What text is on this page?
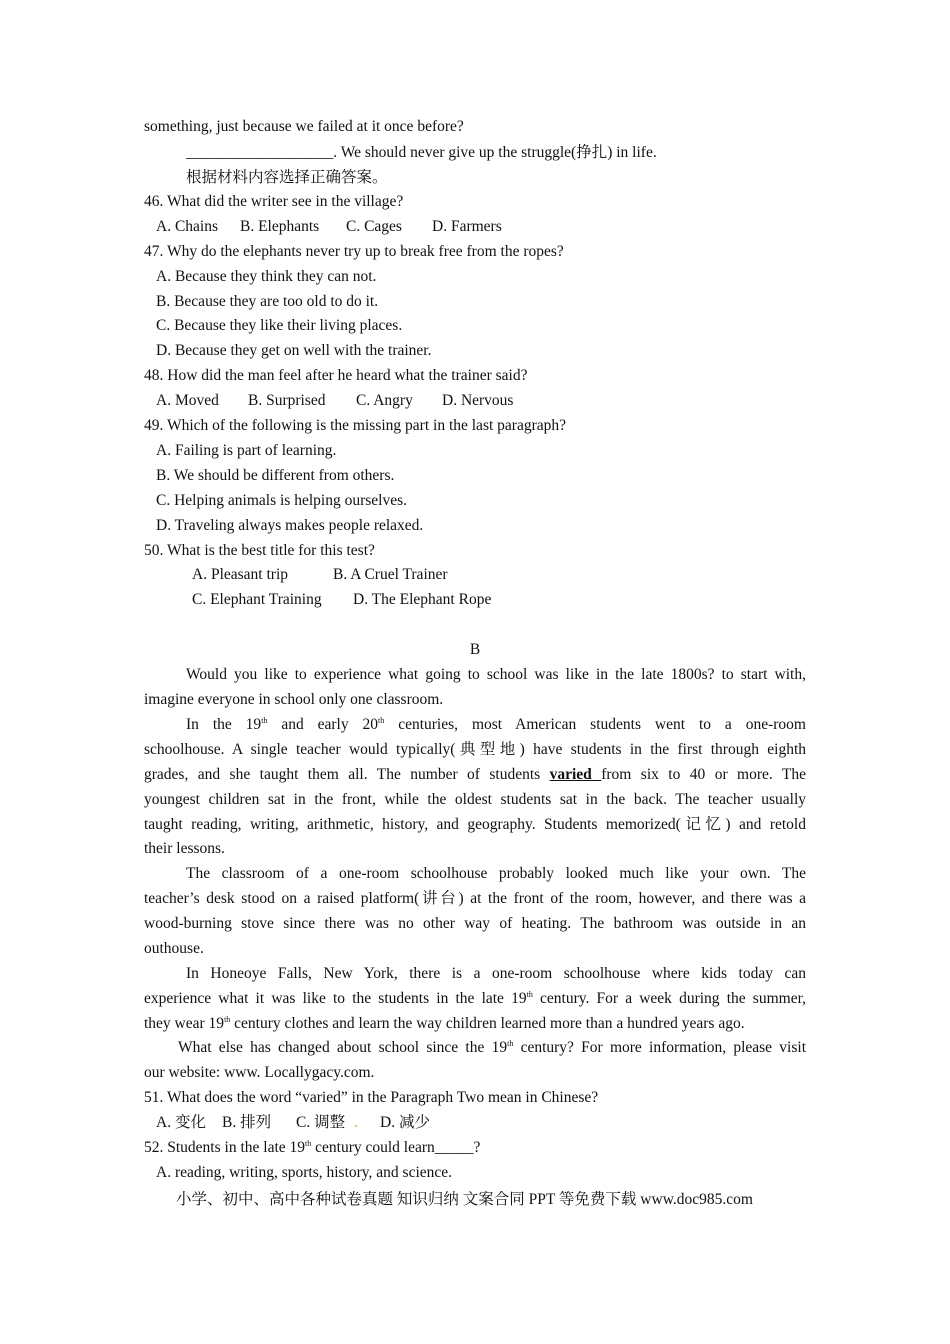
something, just because we failed at it once before?
___________________. We should never give up the struggle(挣扎) in life.
根据材料内容选择正确答案。
46. What did the writer see in the village?
A. Chains B. Elephants C. Cages D. Farmers
47. Why do the elephants never try up to break free from the ropes?
A. Because they think they can not.
B. Because they are too old to do it.
C. Because they like their living places.
D. Because they get on well with the trainer.
48. How did the man feel after he heard what the trainer said?
A. Moved B. Surprised C. Angry D. Nervous
49. Which of the following is the missing part in the last paragraph?
A. Failing is part of learning.
B. We should be different from others.
C. Helping animals is helping ourselves.
D. Traveling always makes people relaxed.
50. What is the best title for this test?
A. Pleasant trip	B. A Cruel Trainer
C. Elephant Training D. The Elephant Rope
B
Would you like to experience what going to school was like in the late 1800s? to start with,
imagine everyone in school only one classroom.
In the 19th and early 20th centuries, most American students went to a one-room
schoolhouse. A single teacher would typically(典型地) have students in the first through eighth
grades, and she taught them all. The number of students varied from six to 40 or more. The
youngest children sat in the front, while the oldest students sat in the back. The teacher usually
taught reading, writing, arithmetic, history, and geography. Students memorized(记忆) and retold
their lessons.
The classroom of a one-room schoolhouse probably looked much like your own. The
teacher’s desk stood on a raised platform(讲台) at the front of the room, however, and there was a
wood-burning stove since there was no other way of heating. The bathroom was outside in an
outhouse.
In Honeoye Falls, New York, there is a one-room schoolhouse where kids today can
experience what it was like to the students in the late 19th century. For a week during the summer,
they wear 19th century clothes and learn the way children learned more than a hundred years ago.
What else has changed about school since the 19th century? For more information, please visit
our website: www. Locallygacy.com.
51. What does the word “varied” in the Paragraph Two mean in Chinese?
A. 变化 B. 排列 C. 调整 . D. 减少
52. Students in the late 19th century could learn_____?
A. reading, writing, sports, history, and science.
小学、初中、高中各种试卷真题 知识归纳 文案合同 PPT 等免费下载 www.doc985.com
